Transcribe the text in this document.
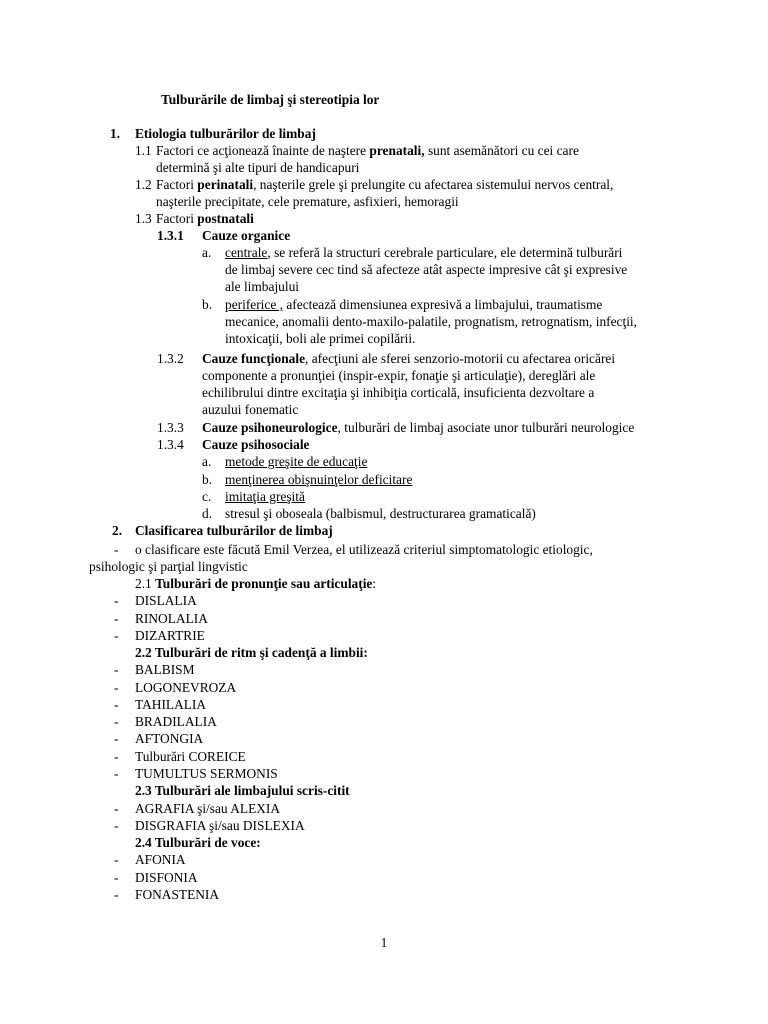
Tulburările de limbaj şi stereotipia lor
1. Etiologia tulburărilor de limbaj
1.1 Factori ce acţionează înainte de naştere prenatali, sunt asemănători cu cei care
determină şi alte tipuri de handicapuri
1.2 Factori perinatali, naşterile grele şi prelungite cu afectarea sistemului nervos central,
naşterile precipitate, cele premature, asfixieri, hemoragii
1.3 Factori postnatali
1.3.1 Cauze organice
a. centrale, se referă la structuri cerebrale particulare, ele determină tulburări
de limbaj severe cec tind să afecteze atât aspecte impresive cât şi expresive
ale limbajului
b. periferice , afectează dimensiunea expresivă a limbajului, traumatisme
mecanice, anomalii dento-maxilo-palatile, prognatism, retrognatism, infecţii,
intoxicaţii, boli ale primei copilării.
1.3.2 Cauze funcţionale, afecţiuni ale sferei senzorio-motorii cu afectarea oricărei
componente a pronunţiei (inspir-expir, fonaţie şi articulaţie), dereglări ale
echilibrului dintre excitaţia şi inhibiţia corticală, insuficienta dezvoltare a
auzului fonematic
1.3.3 Cauze psihoneurologice, tulburări de limbaj asociate unor tulburări neurologice
1.3.4 Cauze psihosociale
a. metode greşite de educaţie
b. menţinerea obişnuinţelor deficitare
c. imitaţia greşită
d. stresul şi oboseala (balbismul, destructurarea gramaticală)
2. Clasificarea tulburărilor de limbaj
- o clasificare este făcută Emil Verzea, el utilizează criteriul simptomatologic etiologic,
psihologic şi parţial lingvistic
2.1 Tulburări de pronunţie sau articulaţie:
- DISLALIA
- RINOLALIA
- DIZARTRIE
2.2 Tulburări de ritm şi cadenţă a limbii:
- BALBISM
- LOGONEVROZA
- TAHILALIA
- BRADILALIA
- AFTONGIA
- Tulburări COREICE
- TUMULTUS SERMONIS
2.3 Tulburări ale limbajului scris-citit
- AGRAFIA şi/sau ALEXIA
- DISGRAFIA şi/sau DISLEXIA
2.4 Tulburări de voce:
- AFONIA
- DISFONIA
- FONASTENIA
1
